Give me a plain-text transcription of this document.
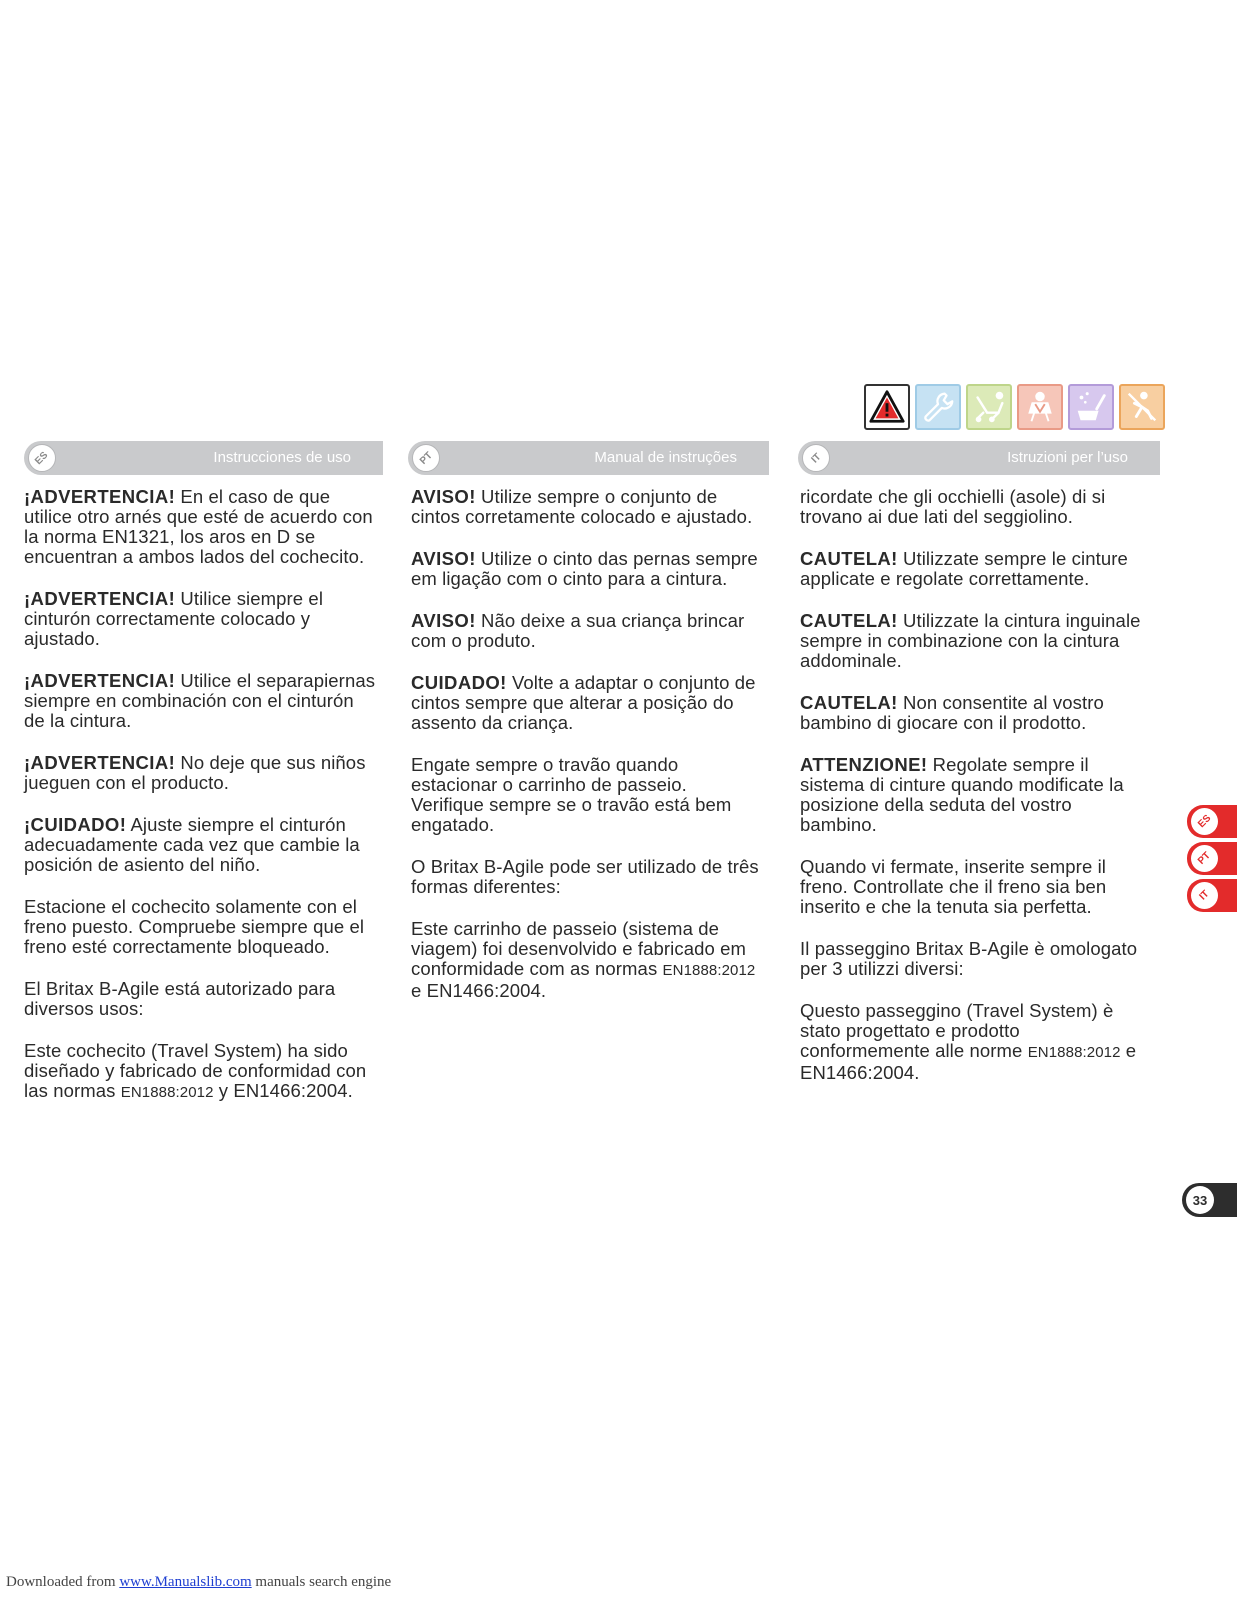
ES	Instrucciones de uso	PT	Manual de instruções	IT	Istruzioni per l’uso

¡ADVERTENCIA! En el caso de que utilice otro arnés que esté de acuerdo con la norma EN1321, los aros en D se encuentran a ambos lados del cochecito.

¡ADVERTENCIA! Utilice siempre el cinturón correctamente colocado y ajustado.

¡ADVERTENCIA! Utilice el separapiernas siempre en combinación con el cinturón de la cintura.

¡ADVERTENCIA! No deje que sus niños jueguen con el producto.

¡CUIDADO! Ajuste siempre el cinturón adecuadamente cada vez que cambie la posición de asiento del niño.

Estacione el cochecito solamente con el freno puesto. Compruebe siempre que el freno esté correctamente bloqueado.

El Britax B-Agile está autorizado para diversos usos:

Este cochecito (Travel System) ha sido diseñado y fabricado de conformidad con las normas EN1888:2012 y EN1466:2004.

AVISO! Utilize sempre o conjunto de cintos corretamente colocado e ajustado.

AVISO! Utilize o cinto das pernas sempre em ligação com o cinto para a cintura.

AVISO! Não deixe a sua criança brincar com o produto.

CUIDADO! Volte a adaptar o conjunto de cintos sempre que alterar a posição do assento da criança.

Engate sempre o travão quando estacionar o carrinho de passeio. Verifique sempre se o travão está bem engatado.

O Britax B-Agile pode ser utilizado de três formas diferentes:

Este carrinho de passeio (sistema de viagem) foi desenvolvido e fabricado em conformidade com as normas EN1888:2012 e EN1466:2004.

ricordate che gli occhielli (asole) di si trovano ai due lati del seggiolino.

CAUTELA! Utilizzate sempre le cinture applicate e regolate correttamente.

CAUTELA! Utilizzate la cintura inguinale sempre in combinazione con la cintura addominale.

CAUTELA! Non consentite al vostro bambino di giocare con il prodotto.

ATTENZIONE! Regolate sempre il sistema di cinture quando modificate la posizione della seduta del vostro bambino.

Quando vi fermate, inserite sempre il freno. Controllate che il freno sia ben inserito e che la tenuta sia perfetta.

Il passeggino Britax B-Agile è omologato per 3 utilizzi diversi:

Questo passeggino (Travel System) è stato progettato e prodotto conformemente alle norme EN1888:2012 e EN1466:2004.

ES
PT
IT
33
Downloaded from www.Manualslib.com manuals search engine
